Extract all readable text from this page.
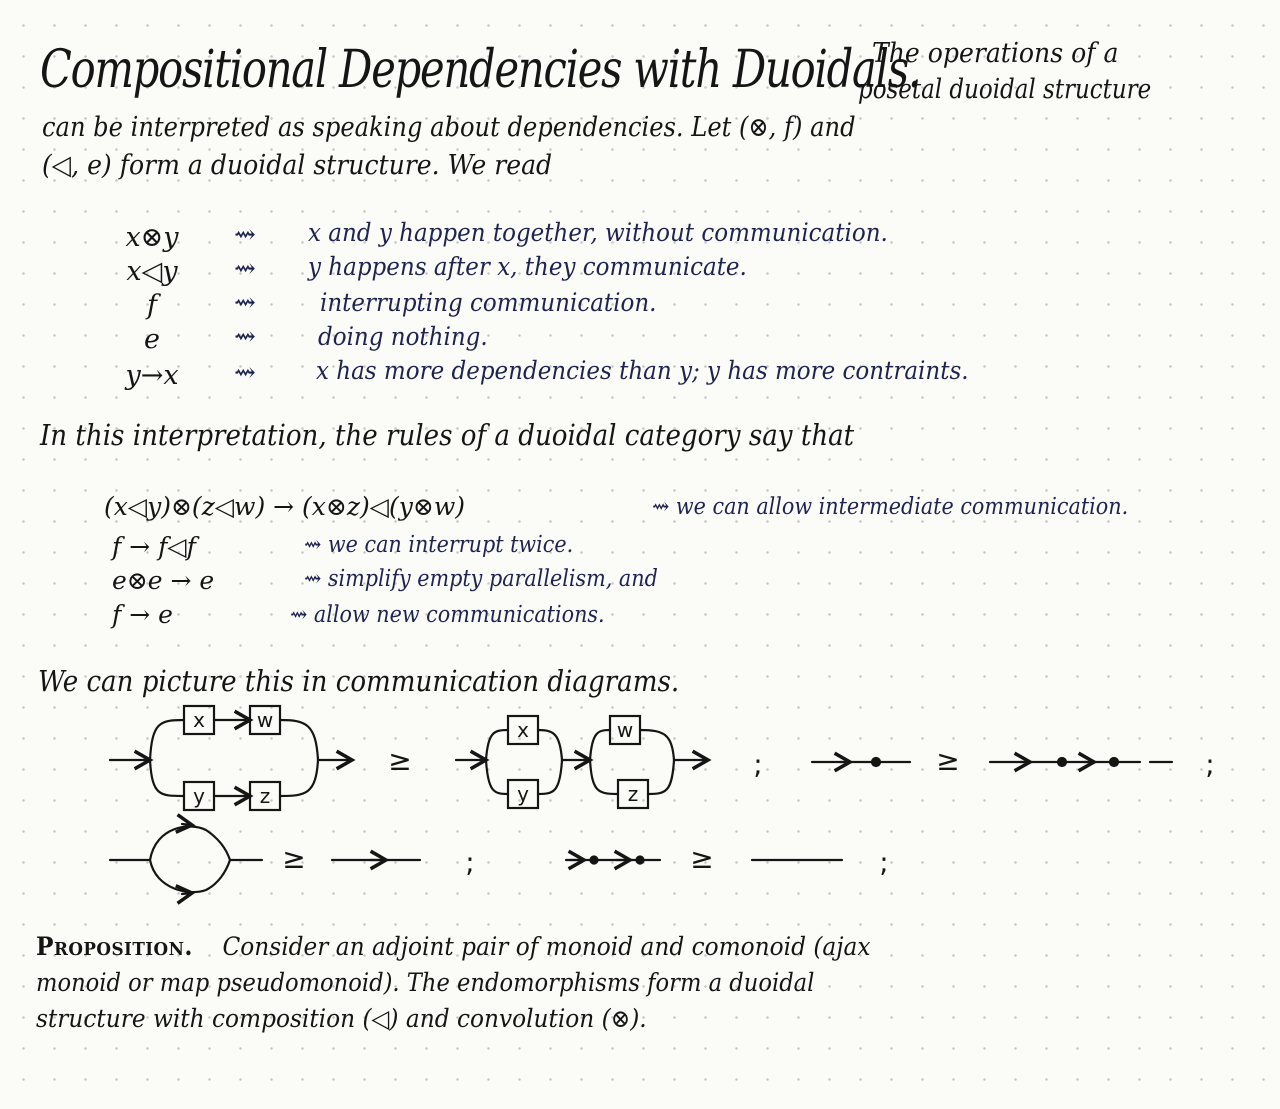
Compositional Dependencies with Duoidals.
The operations of a
posetal duoidal structure
can be interpreted as speaking about dependencies. Let (⊗, f) and
(◁, e) form a duoidal structure. We read
x⊗y	⇝ x and y happen together, without communication.
x◁y	⇝ y happens after x, they communicate.
f	⇝	interrupting communication.
e	⇝ doing nothing.
y→x	⇝ x has more dependencies than y; y has more contraints.
In this interpretation, the rules of a duoidal category say that
(x◁y)⊗(z◁w) → (x⊗z)◁(y⊗w)	⇝ we can allow intermediate communication.
f → f◁f	⇝ we can interrupt twice.
e⊗e → e	⇝ simplify empty parallelism, and
f → e	⇝ allow new communications.
We can picture this in communication diagrams.
x	w
y	z
x
y
w
z
≥	;	≥	;
≥	;	≥	;
Proposition. Consider an adjoint pair of monoid and comonoid (ajax
monoid or map pseudomonoid). The endomorphisms form a duoidal
structure with composition (◁) and convolution (⊗).
